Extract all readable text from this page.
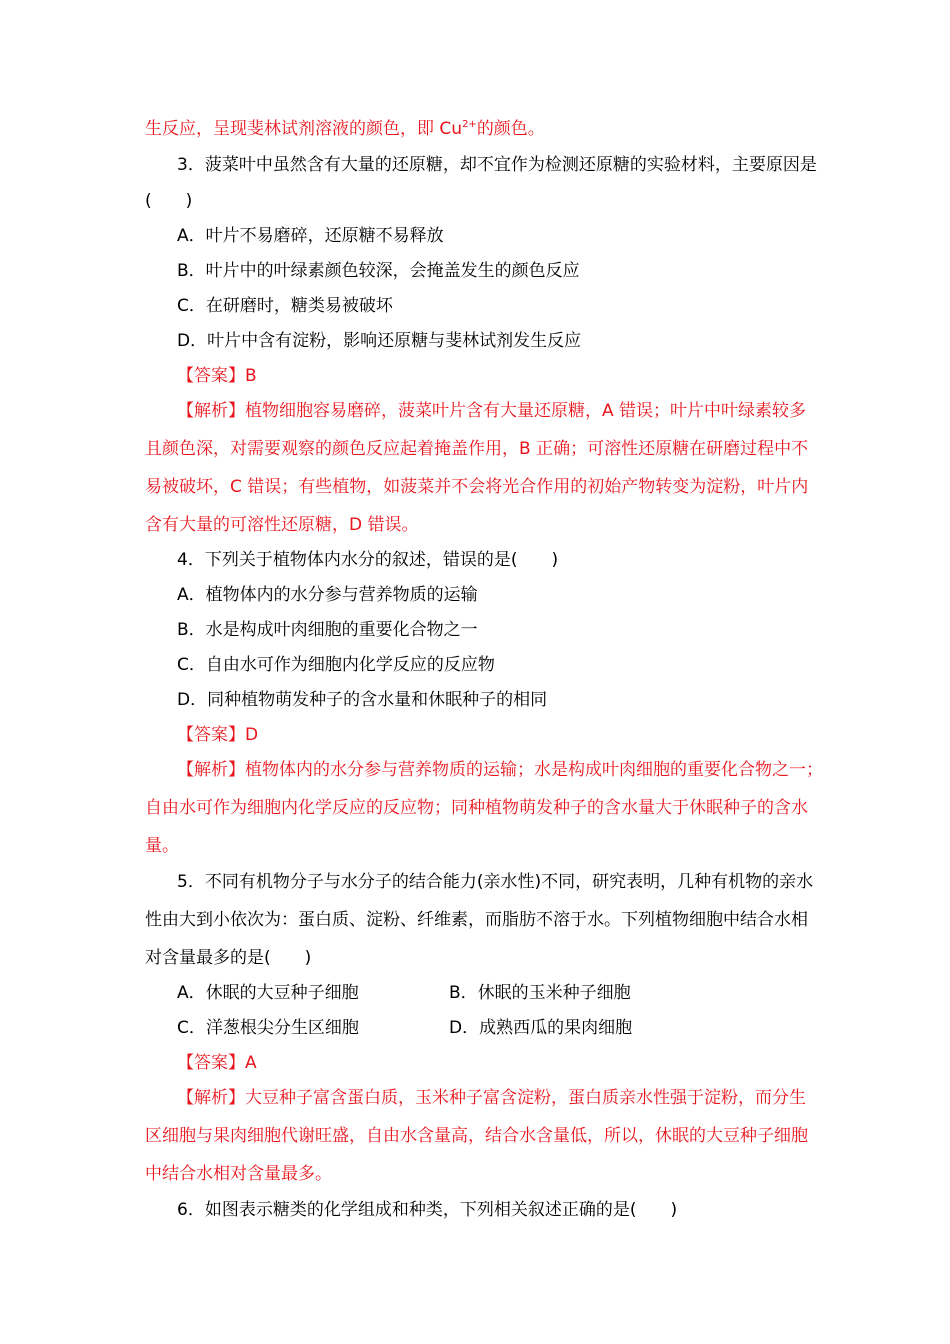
生反应，呈现斐林试剂溶液的颜色，即 $Cu^{2+}$的颜色。
3．菠菜叶中虽然含有大量的还原糖，却不宜作为检测还原糖的实验材料，主要原因是
(　　)
A．叶片不易磨碎，还原糖不易释放
B．叶片中的叶绿素颜色较深，会掩盖发生的颜色反应
C．在研磨时，糖类易被破坏
D．叶片中含有淀粉，影响还原糖与斐林试剂发生反应
【答案】B
【解析】植物细胞容易磨碎，菠菜叶片含有大量还原糖，A 错误；叶片中叶绿素较多
且颜色深，对需要观察的颜色反应起着掩盖作用，B 正确；可溶性还原糖在研磨过程中不
易被破坏，C 错误；有些植物，如菠菜并不会将光合作用的初始产物转变为淀粉，叶片内
含有大量的可溶性还原糖，D 错误。
4．下列关于植物体内水分的叙述，错误的是(　　)
A．植物体内的水分参与营养物质的运输
B．水是构成叶肉细胞的重要化合物之一
C．自由水可作为细胞内化学反应的反应物
D．同种植物萌发种子的含水量和休眠种子的相同
【答案】D
【解析】植物体内的水分参与营养物质的运输；水是构成叶肉细胞的重要化合物之一；
自由水可作为细胞内化学反应的反应物；同种植物萌发种子的含水量大于休眠种子的含水
量。
5．不同有机物分子与水分子的结合能力(亲水性)不同，研究表明，几种有机物的亲水
性由大到小依次为：蛋白质、淀粉、纤维素，而脂肪不溶于水。下列植物细胞中结合水相
对含量最多的是(　　)
A．休眠的大豆种子细胞	B．休眠的玉米种子细胞
C．洋葱根尖分生区细胞	D．成熟西瓜的果肉细胞
【答案】A
【解析】大豆种子富含蛋白质，玉米种子富含淀粉，蛋白质亲水性强于淀粉，而分生
区细胞与果肉细胞代谢旺盛，自由水含量高，结合水含量低，所以，休眠的大豆种子细胞
中结合水相对含量最多。
6．如图表示糖类的化学组成和种类，下列相关叙述正确的是(　　)
